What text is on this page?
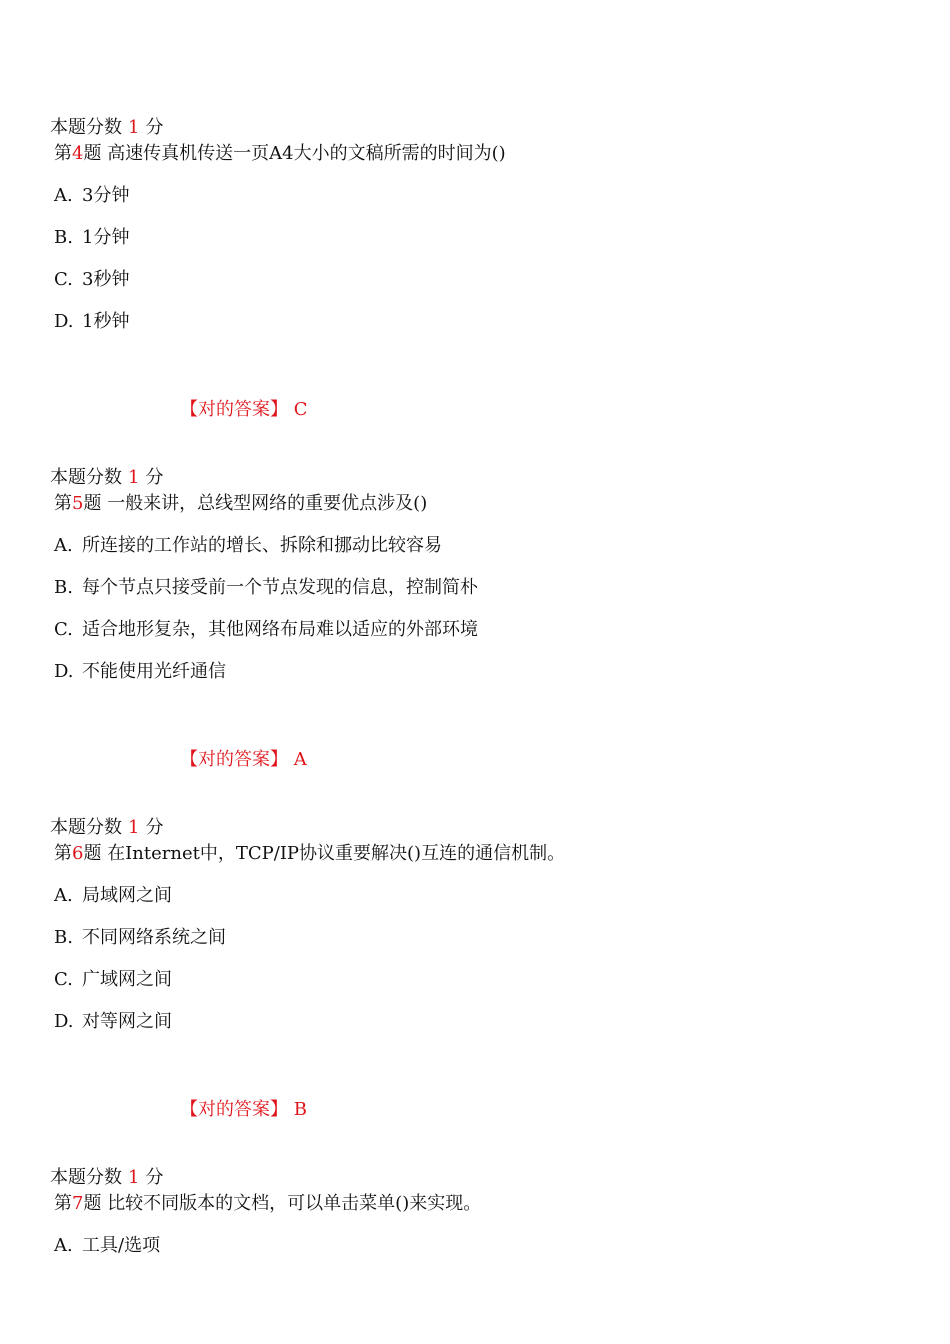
本题分数 1 分
第4题 高速传真机传送一页A4大小的文稿所需的时间为()
A. 3分钟
B. 1分钟
C. 3秒钟
D. 1秒钟
【对的答案】 C
本题分数 1 分
第5题 一般来讲，总线型网络的重要优点涉及()
A. 所连接的工作站的增长、拆除和挪动比较容易
B. 每个节点只接受前一个节点发现的信息，控制简朴
C. 适合地形复杂，其他网络布局难以适应的外部环境
D. 不能使用光纤通信
【对的答案】 A
本题分数 1 分
第6题 在Internet中，TCP/IP协议重要解决()互连的通信机制。
A. 局域网之间
B. 不同网络系统之间
C. 广域网之间
D. 对等网之间
【对的答案】 B
本题分数 1 分
第7题 比较不同版本的文档，可以单击菜单()来实现。
A. 工具/选项
